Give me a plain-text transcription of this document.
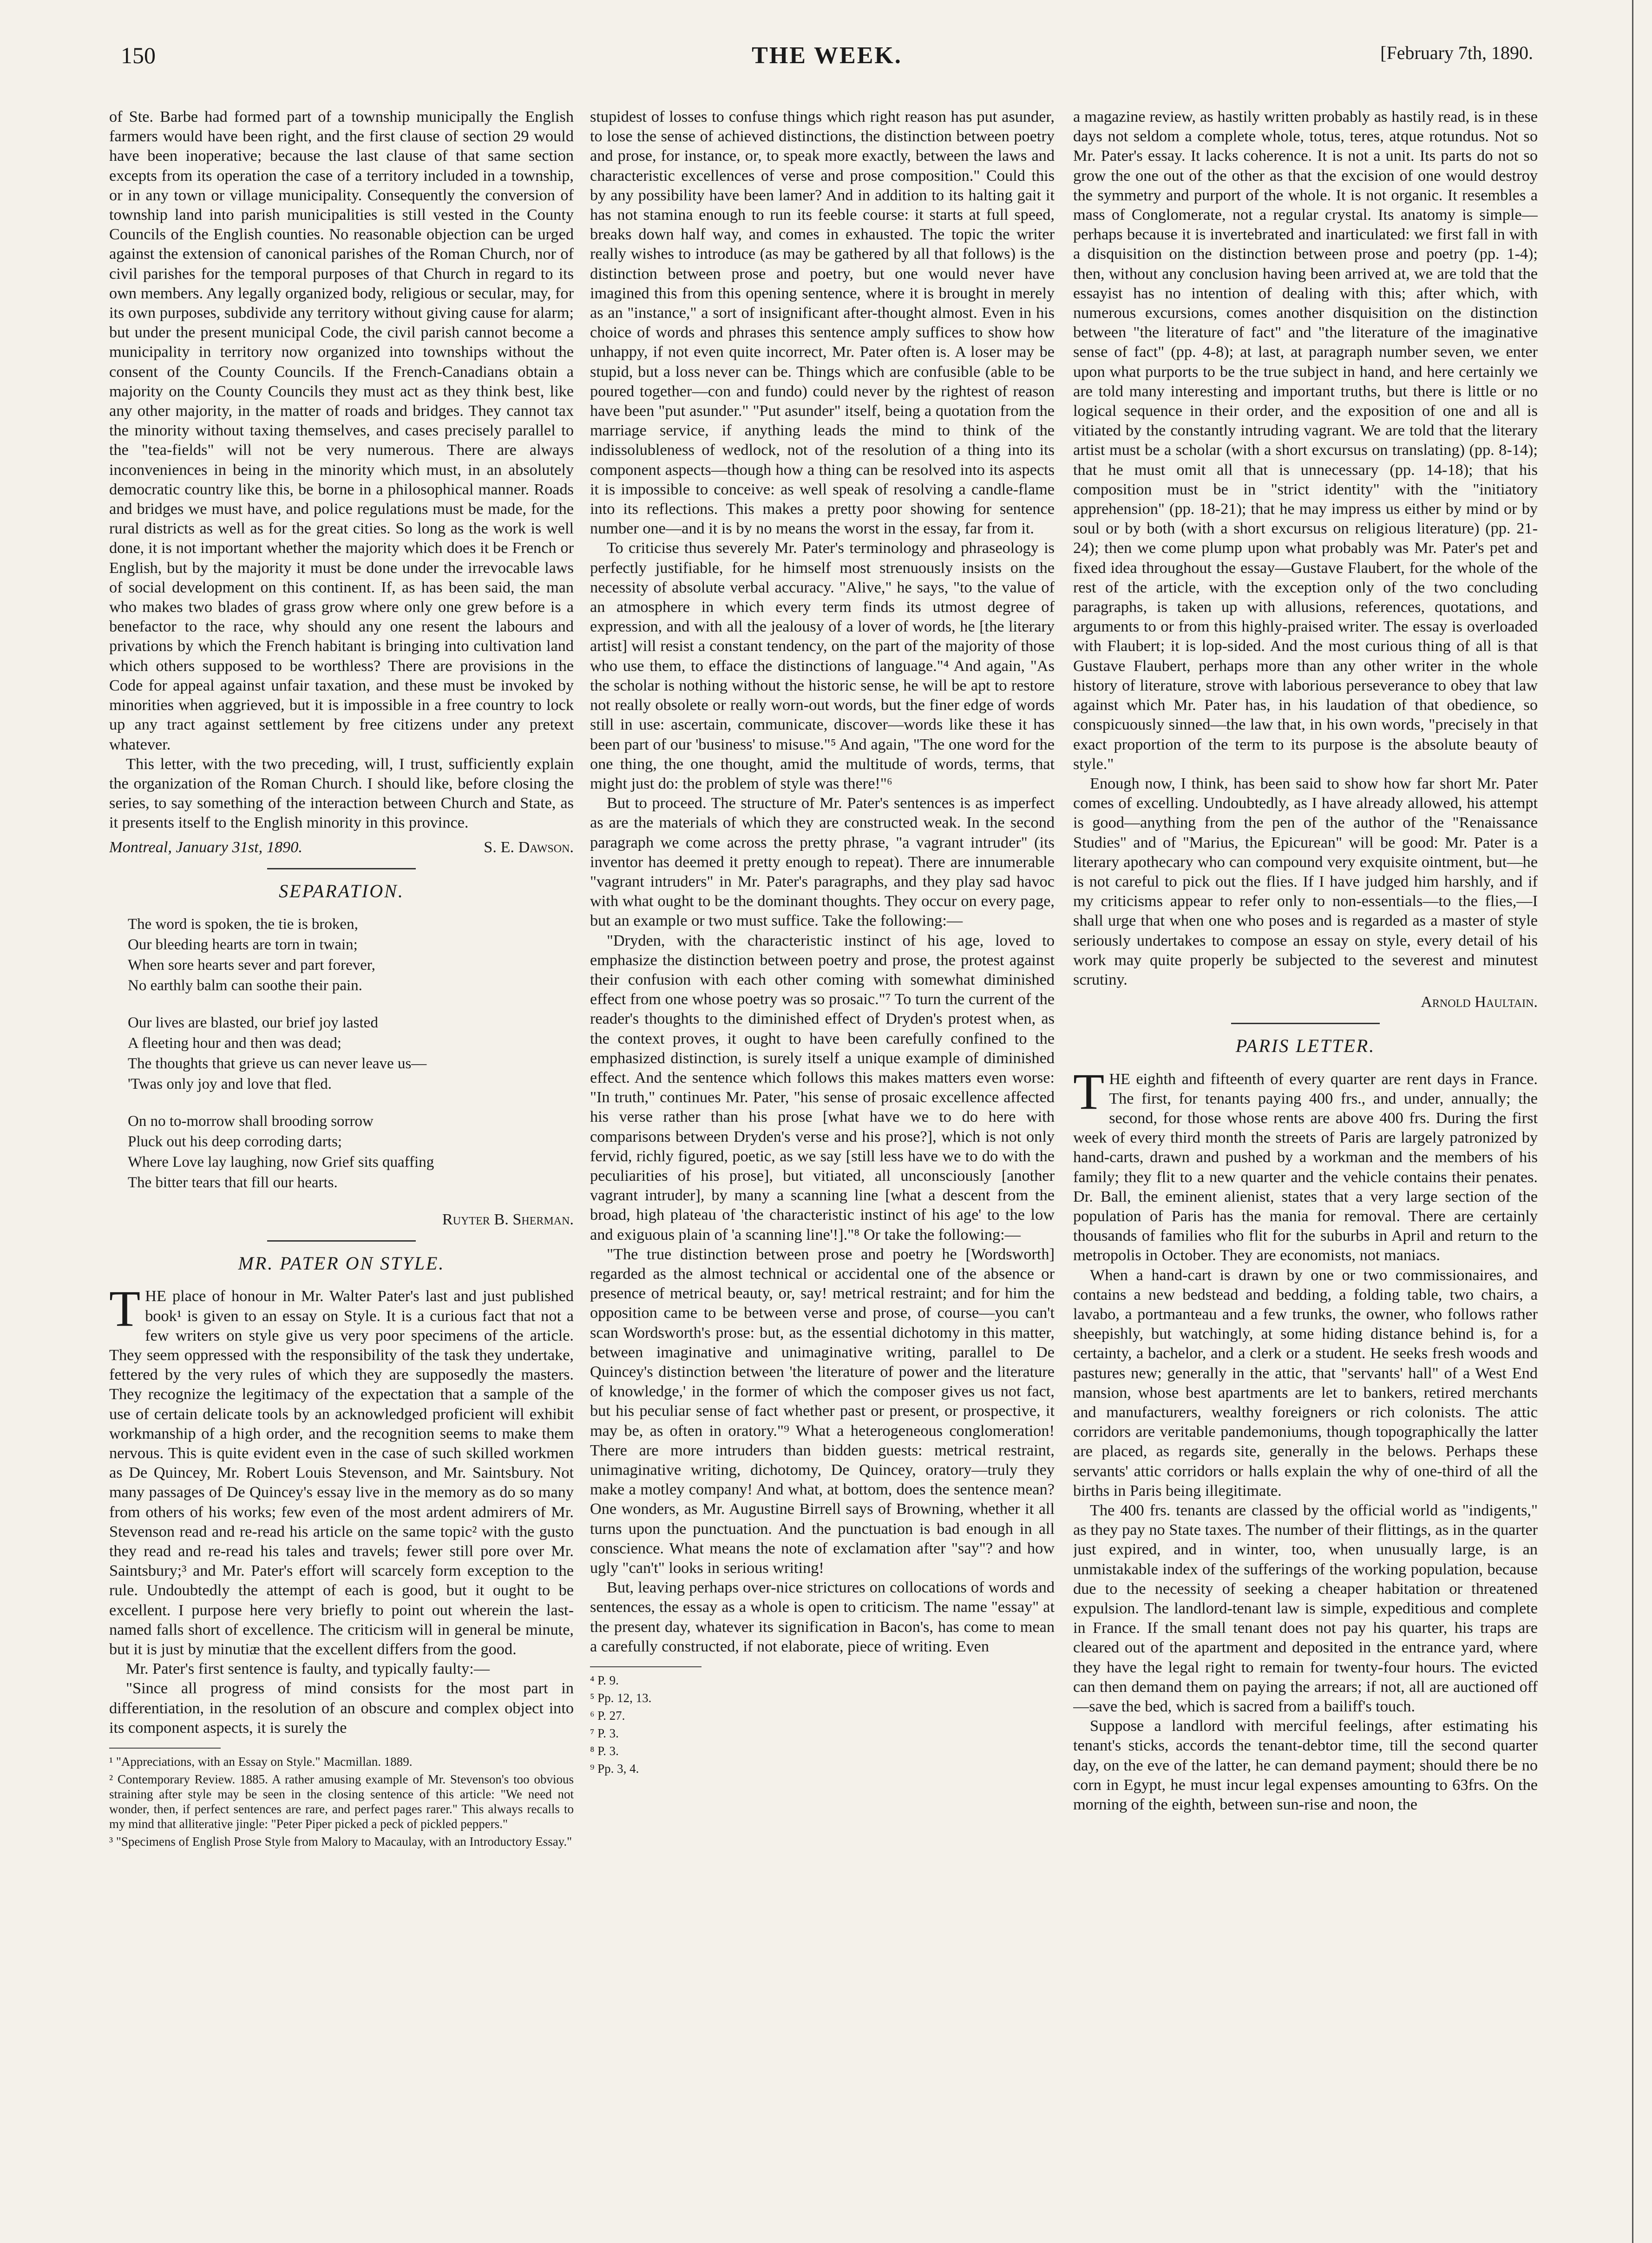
150	THE WEEK.	[February 7th, 1890.

of Ste. Barbe had formed part of a township municipally the English farmers would have been right, and the first clause of section 29 would have been inoperative; because the last clause of that same section excepts from its operation the case of a territory included in a township, or in any town or village municipality. Consequently the conversion of township land into parish municipalities is still vested in the County Councils of the English counties. No reasonable objection can be urged against the extension of canonical parishes of the Roman Church, nor of civil parishes for the temporal purposes of that Church in regard to its own members. Any legally organized body, religious or secular, may, for its own purposes, subdivide any territory without giving cause for alarm; but under the present municipal Code, the civil parish cannot become a municipality in territory now organized into townships without the consent of the County Councils. If the French-Canadians obtain a majority on the County Councils they must act as they think best, like any other majority, in the matter of roads and bridges. They cannot tax the minority without taxing themselves, and cases precisely parallel to the "tea-fields" will not be very numerous. There are always inconveniences in being in the minority which must, in an absolutely democratic country like this, be borne in a philosophical manner. Roads and bridges we must have, and police regulations must be made, for the rural districts as well as for the great cities. So long as the work is well done, it is not important whether the majority which does it be French or English, but by the majority it must be done under the irrevocable laws of social development on this continent. If, as has been said, the man who makes two blades of grass grow where only one grew before is a benefactor to the race, why should any one resent the labours and privations by which the French habitant is bringing into cultivation land which others supposed to be worthless? There are provisions in the Code for appeal against unfair taxation, and these must be invoked by minorities when aggrieved, but it is impossible in a free country to lock up any tract against settlement by free citizens under any pretext whatever.

This letter, with the two preceding, will, I trust, sufficiently explain the organization of the Roman Church. I should like, before closing the series, to say something of the interaction between Church and State, as it presents itself to the English minority in this province.

Montreal, January 31st, 1890.	S. E. Dawson.
SEPARATION.
The word is spoken, the tie is broken,
Our bleeding hearts are torn in twain;
When sore hearts sever and part forever,
No earthly balm can soothe their pain.
Our lives are blasted, our brief joy lasted
A fleeting hour and then was dead;
The thoughts that grieve us can never leave us—
'Twas only joy and love that fled.
On no to-morrow shall brooding sorrow
Pluck out his deep corroding darts;
Where Love lay laughing, now Grief sits quaffing
The bitter tears that fill our hearts.
Ruyter B. Sherman.
MR. PATER ON STYLE.

THE place of honour in Mr. Walter Pater's last and just published book¹ is given to an essay on Style. It is a curious fact that not a few writers on style give us very poor specimens of the article. They seem oppressed with the responsibility of the task they undertake, fettered by the very rules of which they are supposedly the masters. They recognize the legitimacy of the expectation that a sample of the use of certain delicate tools by an acknowledged proficient will exhibit workmanship of a high order, and the recognition seems to make them nervous. This is quite evident even in the case of such skilled workmen as De Quincey, Mr. Robert Louis Stevenson, and Mr. Saintsbury. Not many passages of De Quincey's essay live in the memory as do so many from others of his works; few even of the most ardent admirers of Mr. Stevenson read and re-read his article on the same topic² with the gusto they read and re-read his tales and travels; fewer still pore over Mr. Saintsbury;³ and Mr. Pater's effort will scarcely form exception to the rule. Undoubtedly the attempt of each is good, but it ought to be excellent. I purpose here very briefly to point out wherein the last-named falls short of excellence. The criticism will in general be minute, but it is just by minutiæ that the excellent differs from the good.

Mr. Pater's first sentence is faulty, and typically faulty:—

"Since all progress of mind consists for the most part in differentiation, in the resolution of an obscure and complex object into its component aspects, it is surely the

¹ "Appreciations, with an Essay on Style." Macmillan. 1889.
² Contemporary Review. 1885. A rather amusing example of Mr. Stevenson's too obvious straining after style may be seen in the closing sentence of this article: "We need not wonder, then, if perfect sentences are rare, and perfect pages rarer." This always recalls to my mind that alliterative jingle: "Peter Piper picked a peck of pickled peppers."
³ "Specimens of English Prose Style from Malory to Macaulay, with an Introductory Essay."

stupidest of losses to confuse things which right reason has put asunder, to lose the sense of achieved distinctions, the distinction between poetry and prose, for instance, or, to speak more exactly, between the laws and characteristic excellences of verse and prose composition." Could this by any possibility have been lamer? And in addition to its halting gait it has not stamina enough to run its feeble course: it starts at full speed, breaks down half way, and comes in exhausted. The topic the writer really wishes to introduce (as may be gathered by all that follows) is the distinction between prose and poetry, but one would never have imagined this from this opening sentence, where it is brought in merely as an "instance," a sort of insignificant after-thought almost. Even in his choice of words and phrases this sentence amply suffices to show how unhappy, if not even quite incorrect, Mr. Pater often is. A loser may be stupid, but a loss never can be. Things which are confusible (able to be poured together—con and fundo) could never by the rightest of reason have been "put asunder." "Put asunder" itself, being a quotation from the marriage service, if anything leads the mind to think of the indissolubleness of wedlock, not of the resolution of a thing into its component aspects—though how a thing can be resolved into its aspects it is impossible to conceive: as well speak of resolving a candle-flame into its reflections. This makes a pretty poor showing for sentence number one—and it is by no means the worst in the essay, far from it.

To criticise thus severely Mr. Pater's terminology and phraseology is perfectly justifiable, for he himself most strenuously insists on the necessity of absolute verbal accuracy. "Alive," he says, "to the value of an atmosphere in which every term finds its utmost degree of expression, and with all the jealousy of a lover of words, he [the literary artist] will resist a constant tendency, on the part of the majority of those who use them, to efface the distinctions of language."⁴ And again, "As the scholar is nothing without the historic sense, he will be apt to restore not really obsolete or really worn-out words, but the finer edge of words still in use: ascertain, communicate, discover—words like these it has been part of our 'business' to misuse."⁵ And again, "The one word for the one thing, the one thought, amid the multitude of words, terms, that might just do: the problem of style was there!"⁶

But to proceed. The structure of Mr. Pater's sentences is as imperfect as are the materials of which they are constructed weak. In the second paragraph we come across the pretty phrase, "a vagrant intruder" (its inventor has deemed it pretty enough to repeat). There are innumerable "vagrant intruders" in Mr. Pater's paragraphs, and they play sad havoc with what ought to be the dominant thoughts. They occur on every page, but an example or two must suffice. Take the following:—

"Dryden, with the characteristic instinct of his age, loved to emphasize the distinction between poetry and prose, the protest against their confusion with each other coming with somewhat diminished effect from one whose poetry was so prosaic."⁷ To turn the current of the reader's thoughts to the diminished effect of Dryden's protest when, as the context proves, it ought to have been carefully confined to the emphasized distinction, is surely itself a unique example of diminished effect. And the sentence which follows this makes matters even worse: "In truth," continues Mr. Pater, "his sense of prosaic excellence affected his verse rather than his prose [what have we to do here with comparisons between Dryden's verse and his prose?], which is not only fervid, richly figured, poetic, as we say [still less have we to do with the peculiarities of his prose], but vitiated, all unconsciously [another vagrant intruder], by many a scanning line [what a descent from the broad, high plateau of 'the characteristic instinct of his age' to the low and exiguous plain of 'a scanning line'!]."⁸ Or take the following:—

"The true distinction between prose and poetry he [Wordsworth] regarded as the almost technical or accidental one of the absence or presence of metrical beauty, or, say! metrical restraint; and for him the opposition came to be between verse and prose, of course—you can't scan Wordsworth's prose: but, as the essential dichotomy in this matter, between imaginative and unimaginative writing, parallel to De Quincey's distinction between 'the literature of power and the literature of knowledge,' in the former of which the composer gives us not fact, but his peculiar sense of fact whether past or present, or prospective, it may be, as often in oratory."⁹ What a heterogeneous conglomeration! There are more intruders than bidden guests: metrical restraint, unimaginative writing, dichotomy, De Quincey, oratory—truly they make a motley company! And what, at bottom, does the sentence mean? One wonders, as Mr. Augustine Birrell says of Browning, whether it all turns upon the punctuation. And the punctuation is bad enough in all conscience. What means the note of exclamation after "say"? and how ugly "can't" looks in serious writing!

But, leaving perhaps over-nice strictures on collocations of words and sentences, the essay as a whole is open to criticism. The name "essay" at the present day, whatever its signification in Bacon's, has come to mean a carefully constructed, if not elaborate, piece of writing. Even

⁴ P. 9.
⁵ Pp. 12, 13.
⁶ P. 27.
⁷ P. 3.
⁸ P. 3.
⁹ Pp. 3, 4.

a magazine review, as hastily written probably as hastily read, is in these days not seldom a complete whole, totus, teres, atque rotundus. Not so Mr. Pater's essay. It lacks coherence. It is not a unit. Its parts do not so grow the one out of the other as that the excision of one would destroy the symmetry and purport of the whole. It is not organic. It resembles a mass of Conglomerate, not a regular crystal. Its anatomy is simple—perhaps because it is invertebrated and inarticulated: we first fall in with a disquisition on the distinction between prose and poetry (pp. 1-4); then, without any conclusion having been arrived at, we are told that the essayist has no intention of dealing with this; after which, with numerous excursions, comes another disquisition on the distinction between "the literature of fact" and "the literature of the imaginative sense of fact" (pp. 4-8); at last, at paragraph number seven, we enter upon what purports to be the true subject in hand, and here certainly we are told many interesting and important truths, but there is little or no logical sequence in their order, and the exposition of one and all is vitiated by the constantly intruding vagrant. We are told that the literary artist must be a scholar (with a short excursus on translating) (pp. 8-14); that he must omit all that is unnecessary (pp. 14-18); that his composition must be in "strict identity" with the "initiatory apprehension" (pp. 18-21); that he may impress us either by mind or by soul or by both (with a short excursus on religious literature) (pp. 21-24); then we come plump upon what probably was Mr. Pater's pet and fixed idea throughout the essay—Gustave Flaubert, for the whole of the rest of the article, with the exception only of the two concluding paragraphs, is taken up with allusions, references, quotations, and arguments to or from this highly-praised writer. The essay is overloaded with Flaubert; it is lop-sided. And the most curious thing of all is that Gustave Flaubert, perhaps more than any other writer in the whole history of literature, strove with laborious perseverance to obey that law against which Mr. Pater has, in his laudation of that obedience, so conspicuously sinned—the law that, in his own words, "precisely in that exact proportion of the term to its purpose is the absolute beauty of style."

Enough now, I think, has been said to show how far short Mr. Pater comes of excelling. Undoubtedly, as I have already allowed, his attempt is good—anything from the pen of the author of the "Renaissance Studies" and of "Marius, the Epicurean" will be good: Mr. Pater is a literary apothecary who can compound very exquisite ointment, but—he is not careful to pick out the flies. If I have judged him harshly, and if my criticisms appear to refer only to non-essentials—to the flies,—I shall urge that when one who poses and is regarded as a master of style seriously undertakes to compose an essay on style, every detail of his work may quite properly be subjected to the severest and minutest scrutiny.

Arnold Haultain.
PARIS LETTER.

THE eighth and fifteenth of every quarter are rent days in France. The first, for tenants paying 400 frs., and under, annually; the second, for those whose rents are above 400 frs. During the first week of every third month the streets of Paris are largely patronized by hand-carts, drawn and pushed by a workman and the members of his family; they flit to a new quarter and the vehicle contains their penates. Dr. Ball, the eminent alienist, states that a very large section of the population of Paris has the mania for removal. There are certainly thousands of families who flit for the suburbs in April and return to the metropolis in October. They are economists, not maniacs.

When a hand-cart is drawn by one or two commissionaires, and contains a new bedstead and bedding, a folding table, two chairs, a lavabo, a portmanteau and a few trunks, the owner, who follows rather sheepishly, but watchingly, at some hiding distance behind is, for a certainty, a bachelor, and a clerk or a student. He seeks fresh woods and pastures new; generally in the attic, that "servants' hall" of a West End mansion, whose best apartments are let to bankers, retired merchants and manufacturers, wealthy foreigners or rich colonists. The attic corridors are veritable pandemoniums, though topographically the latter are placed, as regards site, generally in the belows. Perhaps these servants' attic corridors or halls explain the why of one-third of all the births in Paris being illegitimate.

The 400 frs. tenants are classed by the official world as "indigents," as they pay no State taxes. The number of their flittings, as in the quarter just expired, and in winter, too, when unusually large, is an unmistakable index of the sufferings of the working population, because due to the necessity of seeking a cheaper habitation or threatened expulsion. The landlord-tenant law is simple, expeditious and complete in France. If the small tenant does not pay his quarter, his traps are cleared out of the apartment and deposited in the entrance yard, where they have the legal right to remain for twenty-four hours. The evicted can then demand them on paying the arrears; if not, all are auctioned off—save the bed, which is sacred from a bailiff's touch.

Suppose a landlord with merciful feelings, after estimating his tenant's sticks, accords the tenant-debtor time, till the second quarter day, on the eve of the latter, he can demand payment; should there be no corn in Egypt, he must incur legal expenses amounting to 63frs. On the morning of the eighth, between sun-rise and noon, the
